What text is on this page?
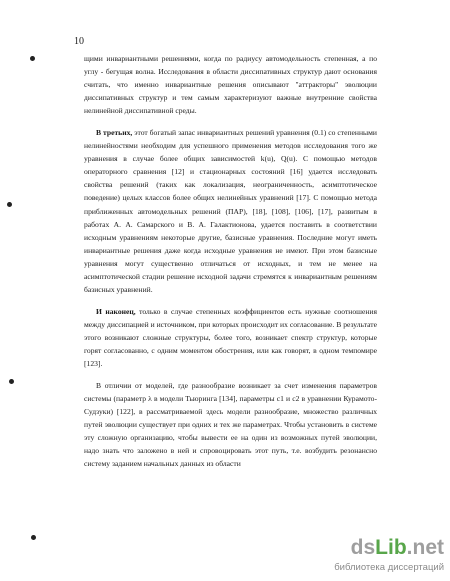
10

щими инвариантными решениями, когда по радиусу автомодельность степенная, а по углу - бегущая волна. Исследования в области диссипативных структур дают основания считать, что именно инвариантные решения описывают "аттракторы" эволюции диссипативных структур и тем самым характеризуют важные внутренние свойства нелинейной диссипативной среды.

В третьих, этот богатый запас инвариантных решений уравнения (0.1) со степенными нелинейностями необходим для успешного применения методов исследования того же уравнения в случае более общих зависимостей k(u), Q(u). С помощью методов операторного сравнения [12] и стационарных состояний [16] удается исследовать свойства решений (таких как локализация, неограниченность, асимптотическое поведение) целых классов более общих нелинейных уравнений [17]. С помощью метода приближенных автомодельных решений (ПАР), [18], [108], [106], [17], развитым в работах А. А. Самарского и В. А. Галактионова, удается поставить в соответствии исходным уравнениям некоторые другие, базисные уравнения. Последние могут иметь инвариантные решения даже когда исходные уравнения не имеют. При этом базисные уравнения могут существенно отличаться от исходных, и тем не менее на асимптотической стадии решение исходной задачи стремятся к инвариантным решениям базисных уравнений.

И наконец, только в случае степенных коэффициентов есть нужные соотношения между диссипацией и источником, при которых происходит их согласование. В результате этого возникают сложные структуры, более того, возникает спектр структур, которые горят согласованно, с одним моментом обострения, или как говорят, в одном темпомире [123].

В отличии от моделей, где разнообразие возникает за счет изменения параметров системы (параметр λ в модели Тьюринга [134], параметры c1 и c2 в уравнении Курамото-Судзуки) [122], в рассматриваемой здесь модели разнообразие, множество различных путей эволюции существует при одних и тех же параметрах. Чтобы установить в системе эту сложную организацию, чтобы вывести ее на один из возможных путей эволюции, надо знать что заложено в ней и спровоцировать этот путь, т.е. возбудить резонансно систему заданием начальных данных из области

dsLib.net
библиотека диссертаций
